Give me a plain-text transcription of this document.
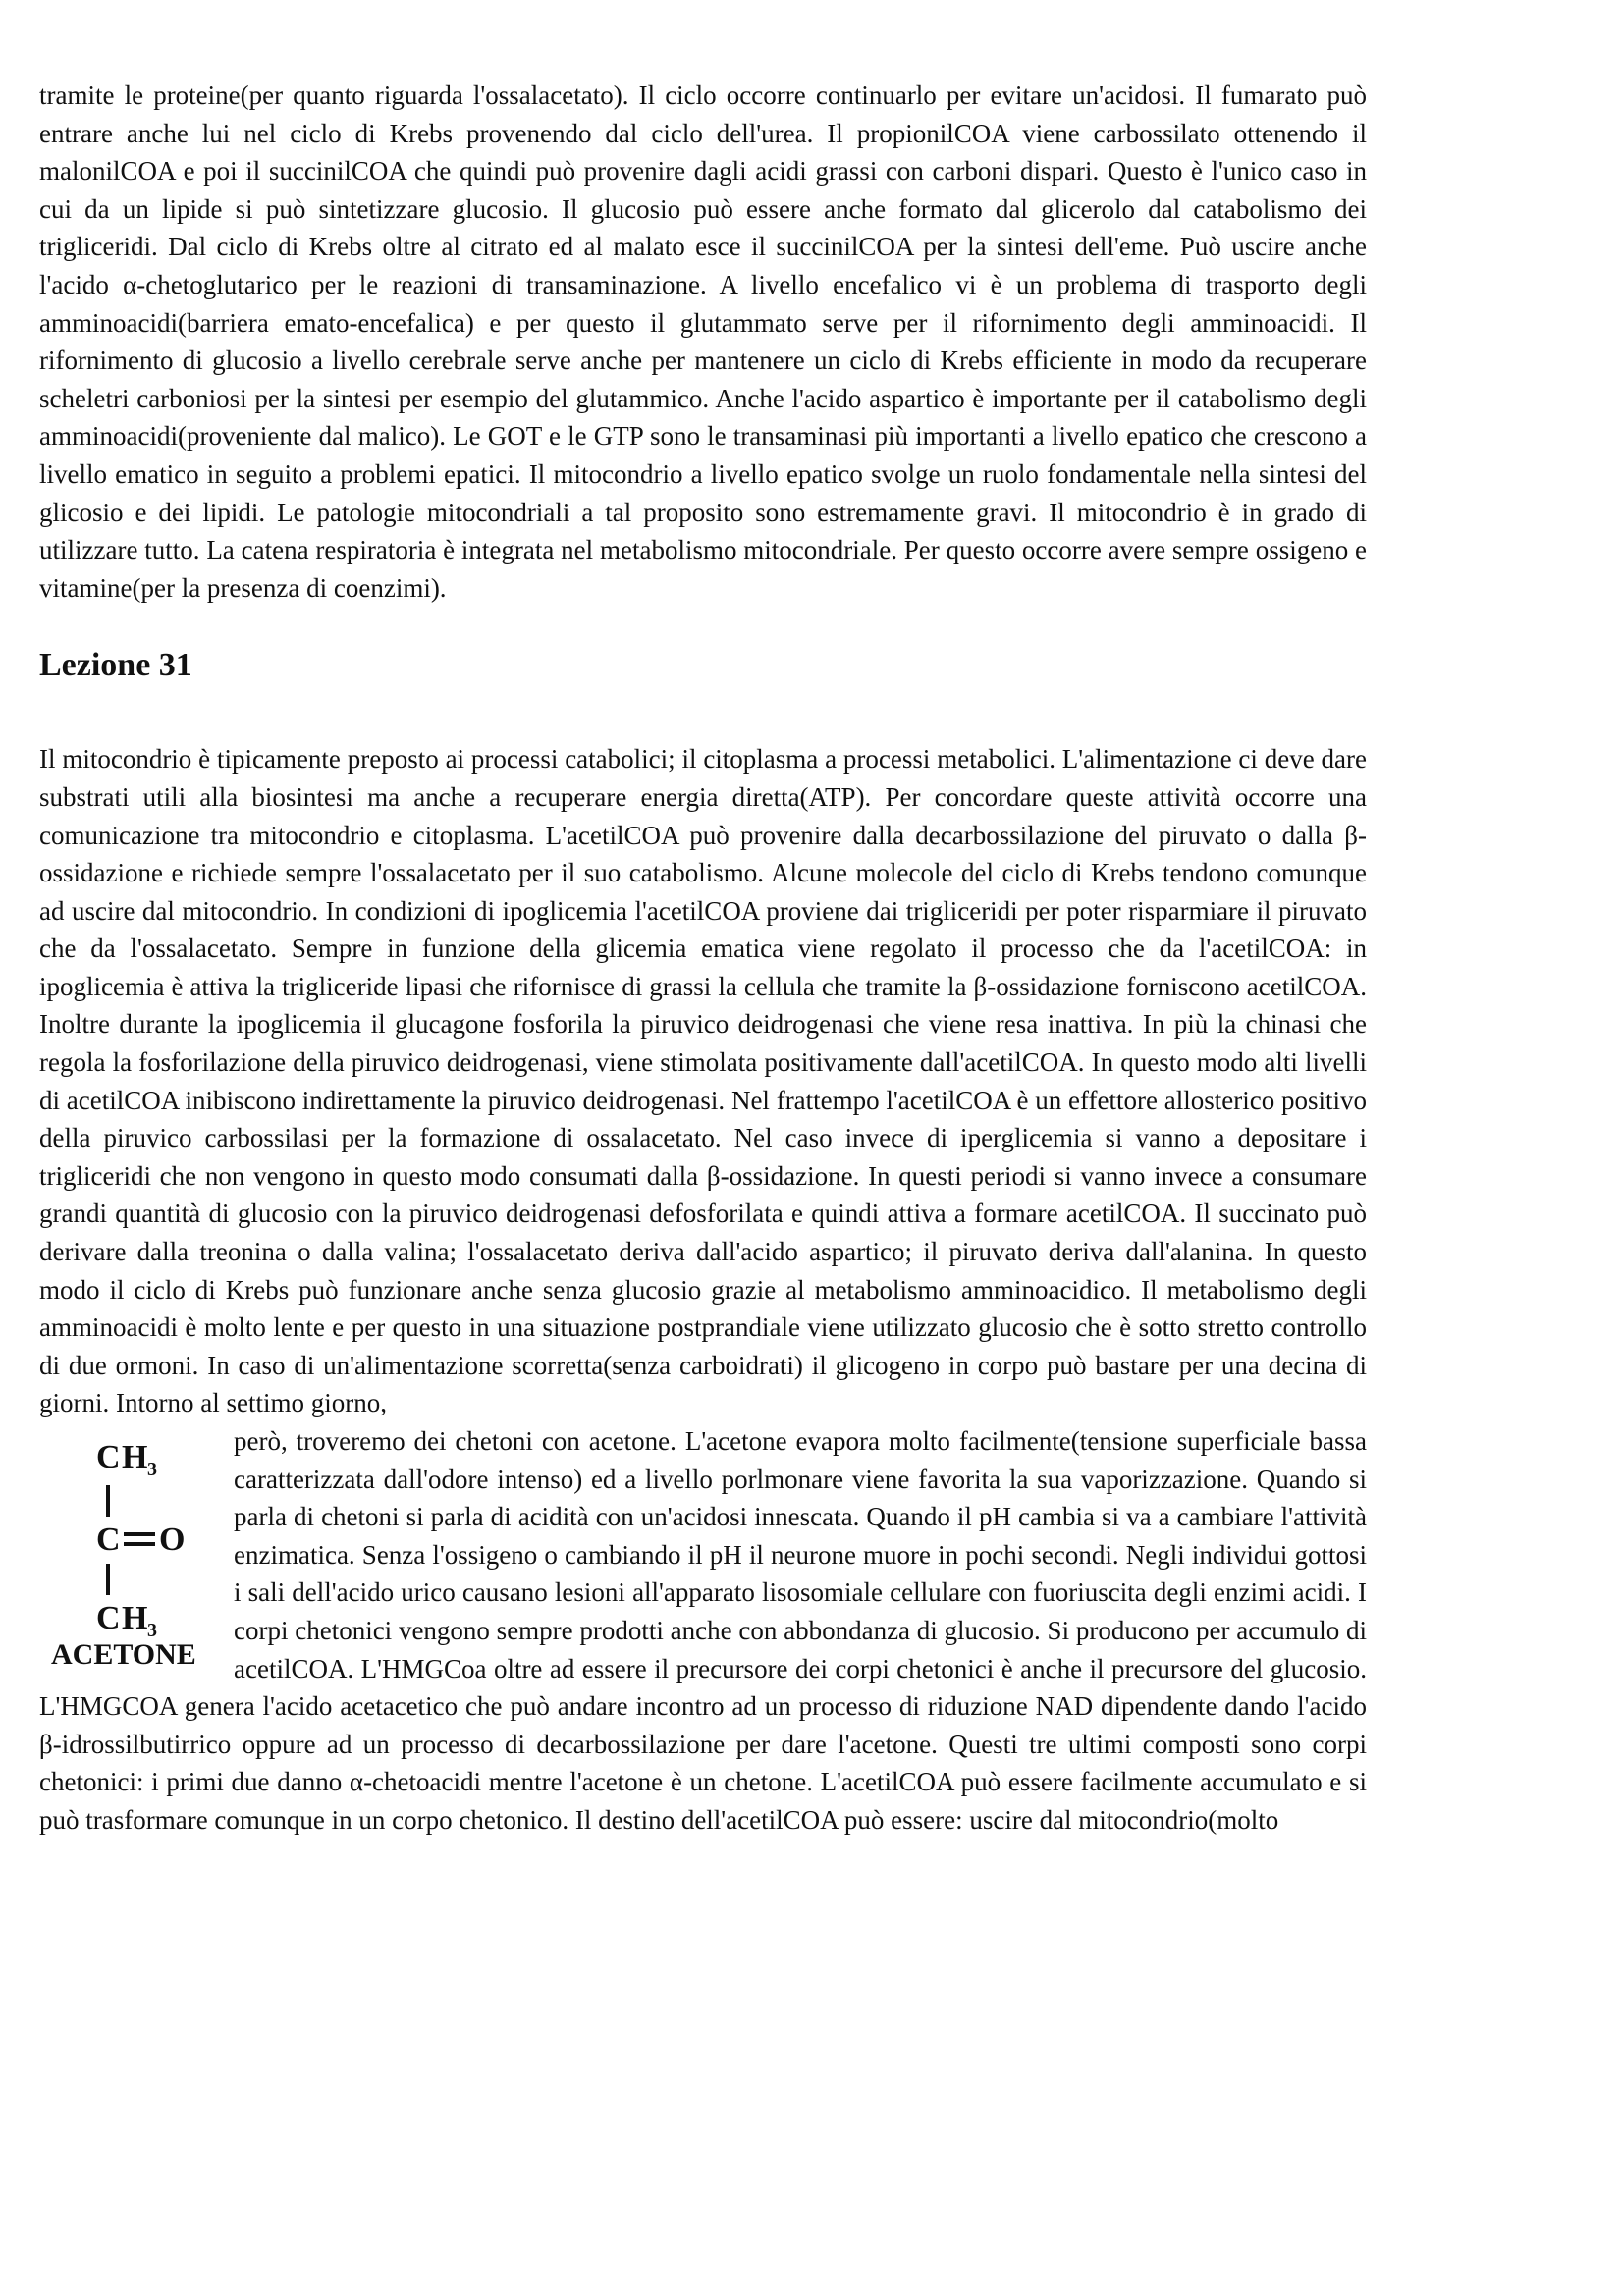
tramite le proteine(per quanto riguarda l'ossalacetato). Il ciclo occorre continuarlo per evitare un'acidosi. Il fumarato può entrare anche lui nel ciclo di Krebs provenendo dal ciclo dell'urea. Il propionilCOA viene carbossilato ottenendo il malonilCOA e poi il succinilCOA che quindi può provenire dagli acidi grassi con carboni dispari. Questo è l'unico caso in cui da un lipide si può sintetizzare glucosio. Il glucosio può essere anche formato dal glicerolo dal catabolismo dei trigliceridi. Dal ciclo di Krebs oltre al citrato ed al malato esce il succinilCOA per la sintesi dell'eme. Può uscire anche l'acido α-chetoglutarico per le reazioni di transaminazione. A livello encefalico vi è un problema di trasporto degli amminoacidi(barriera emato-encefalica) e per questo il glutammato serve per il rifornimento degli amminoacidi. Il rifornimento di glucosio a livello cerebrale serve anche per mantenere un ciclo di Krebs efficiente in modo da recuperare scheletri carboniosi per la sintesi per esempio del glutammico. Anche l'acido aspartico è importante per il catabolismo degli amminoacidi(proveniente dal malico). Le GOT e le GTP sono le transaminasi più importanti a livello epatico che crescono a livello ematico in seguito a problemi epatici. Il mitocondrio a livello epatico svolge un ruolo fondamentale nella sintesi del glicosio e dei lipidi. Le patologie mitocondriali a tal proposito sono estremamente gravi. Il mitocondrio è in grado di utilizzare tutto. La catena respiratoria è integrata nel metabolismo mitocondriale. Per questo occorre avere sempre ossigeno e vitamine(per la presenza di coenzimi).

Lezione 31

Il mitocondrio è tipicamente preposto ai processi catabolici; il citoplasma a processi metabolici. L'alimentazione ci deve dare substrati utili alla biosintesi ma anche a recuperare energia diretta(ATP). Per concordare queste attività occorre una comunicazione tra mitocondrio e citoplasma. L'acetilCOA può provenire dalla decarbossilazione del piruvato o dalla β-ossidazione e richiede sempre l'ossalacetato per il suo catabolismo. Alcune molecole del ciclo di Krebs tendono comunque ad uscire dal mitocondrio. In condizioni di ipoglicemia l'acetilCOA proviene dai trigliceridi per poter risparmiare il piruvato che da l'ossalacetato. Sempre in funzione della glicemia ematica viene regolato il processo che da l'acetilCOA: in ipoglicemia è attiva la trigliceride lipasi che rifornisce di grassi la cellula che tramite la β-ossidazione forniscono acetilCOA. Inoltre durante la ipoglicemia il glucagone fosforila la piruvico deidrogenasi che viene resa inattiva. In più la chinasi che regola la fosforilazione della piruvico deidrogenasi, viene stimolata positivamente dall'acetilCOA. In questo modo alti livelli di acetilCOA inibiscono indirettamente la piruvico deidrogenasi. Nel frattempo l'acetilCOA è un effettore allosterico positivo della piruvico carbossilasi per la formazione di ossalacetato. Nel caso invece di iperglicemia si vanno a depositare i trigliceridi che non vengono in questo modo consumati dalla β-ossidazione. In questi periodi si vanno invece a consumare grandi quantità di glucosio con la piruvico deidrogenasi defosforilata e quindi attiva a formare acetilCOA. Il succinato può derivare dalla treonina o dalla valina; l'ossalacetato deriva dall'acido aspartico; il piruvato deriva dall'alanina. In questo modo il ciclo di Krebs può funzionare anche senza glucosio grazie al metabolismo amminoacidico. Il metabolismo degli amminoacidi è molto lente e per questo in una situazione postprandiale viene utilizzato glucosio che è sotto stretto controllo di due ormoni. In caso di un'alimentazione scorretta(senza carboidrati) il glicogeno in corpo può bastare per una decina di giorni. Intorno al settimo giorno,

C H 3
C O
C H 3
ACETONE

però, troveremo dei chetoni con acetone. L'acetone evapora molto facilmente(tensione superficiale bassa caratterizzata dall'odore intenso) ed a livello porlmonare viene favorita la sua vaporizzazione. Quando si parla di chetoni si parla di acidità con un'acidosi innescata. Quando il pH cambia si va a cambiare l'attività enzimatica. Senza l'ossigeno o cambiando il pH il neurone muore in pochi secondi. Negli individui gottosi i sali dell'acido urico causano lesioni all'apparato lisosomiale cellulare con fuoriuscita degli enzimi acidi. I corpi chetonici vengono sempre prodotti anche con abbondanza di glucosio. Si producono per accumulo di acetilCOA. L'HMGCoa oltre ad essere il precursore dei corpi chetonici è anche il precursore del glucosio. L'HMGCOA genera l'acido acetacetico che può andare incontro ad un processo di riduzione NAD dipendente dando l'acido β-idrossilbutirrico oppure ad un processo di decarbossilazione per dare l'acetone. Questi tre ultimi composti sono corpi chetonici: i primi due danno α-chetoacidi mentre l'acetone è un chetone. L'acetilCOA può essere facilmente accumulato e si può trasformare comunque in un corpo chetonico. Il destino dell'acetilCOA può essere: uscire dal mitocondrio(molto
